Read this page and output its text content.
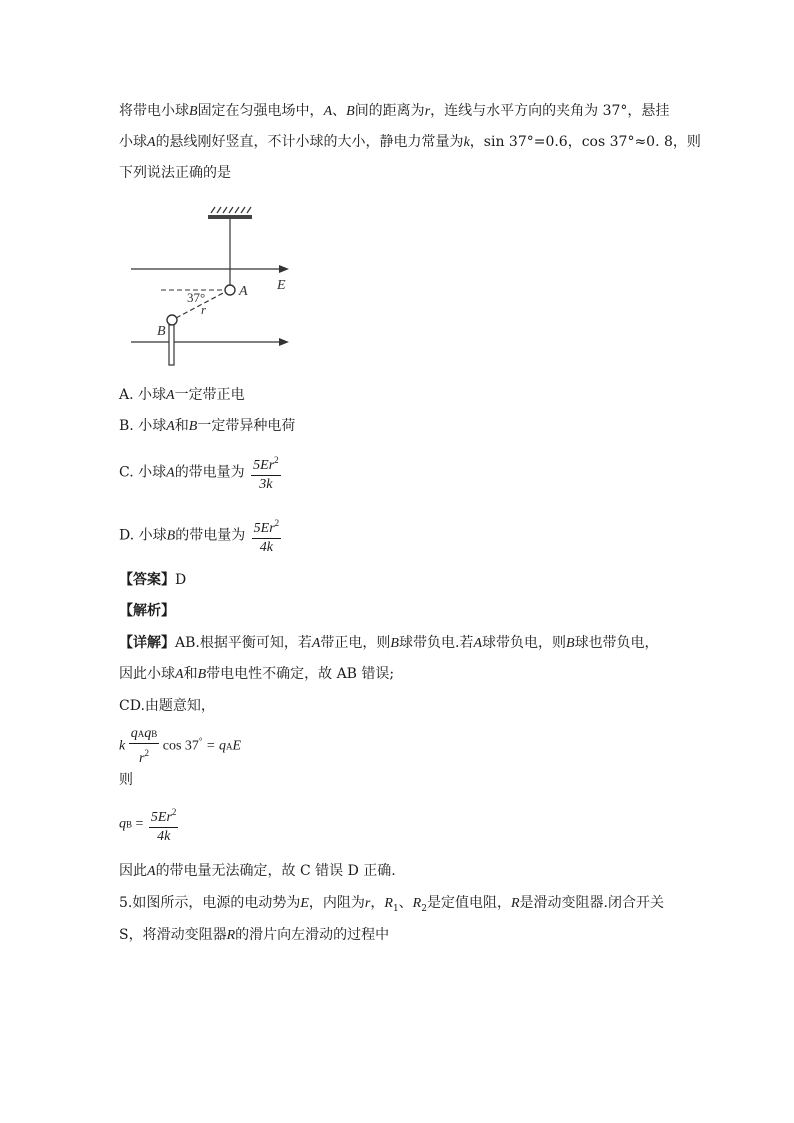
将带电小球B固定在匀强电场中，A、B间的距离为r，连线与水平方向的夹角为 37°，悬挂
小球A的悬线刚好竖直，不计小球的大小，静电力常量为k，sin 37°=0.6，cos 37°≈0. 8，则
下列说法正确的是
37°
r
A
B
E
A. 小球A一定带正电
B. 小球A和B一定带异种电荷
C. 小球A的带电量为 $\frac{5Er^2}{3k}$
D. 小球B的带电量为 $\frac{5Er^2}{4k}$
【答案】D
【解析】
【详解】AB.根据平衡可知，若A带正电，则B球带负电.若A球带负电，则B球也带负电，
因此小球A和B带电电性不确定，故 AB 错误;
CD.由题意知，
k $\frac{\text{qAqB}}{r^2}$ cos 37° = qAE
则
qB = $\frac{5Er^2}{4k}$
因此A的带电量无法确定，故 C 错误 D 正确.
5.如图所示，电源的电动势为E，内阻为r，$R_1$、$R_2$是定值电阻，R是滑动变阻器.闭合开关
S，将滑动变阻器R的滑片向左滑动的过程中
